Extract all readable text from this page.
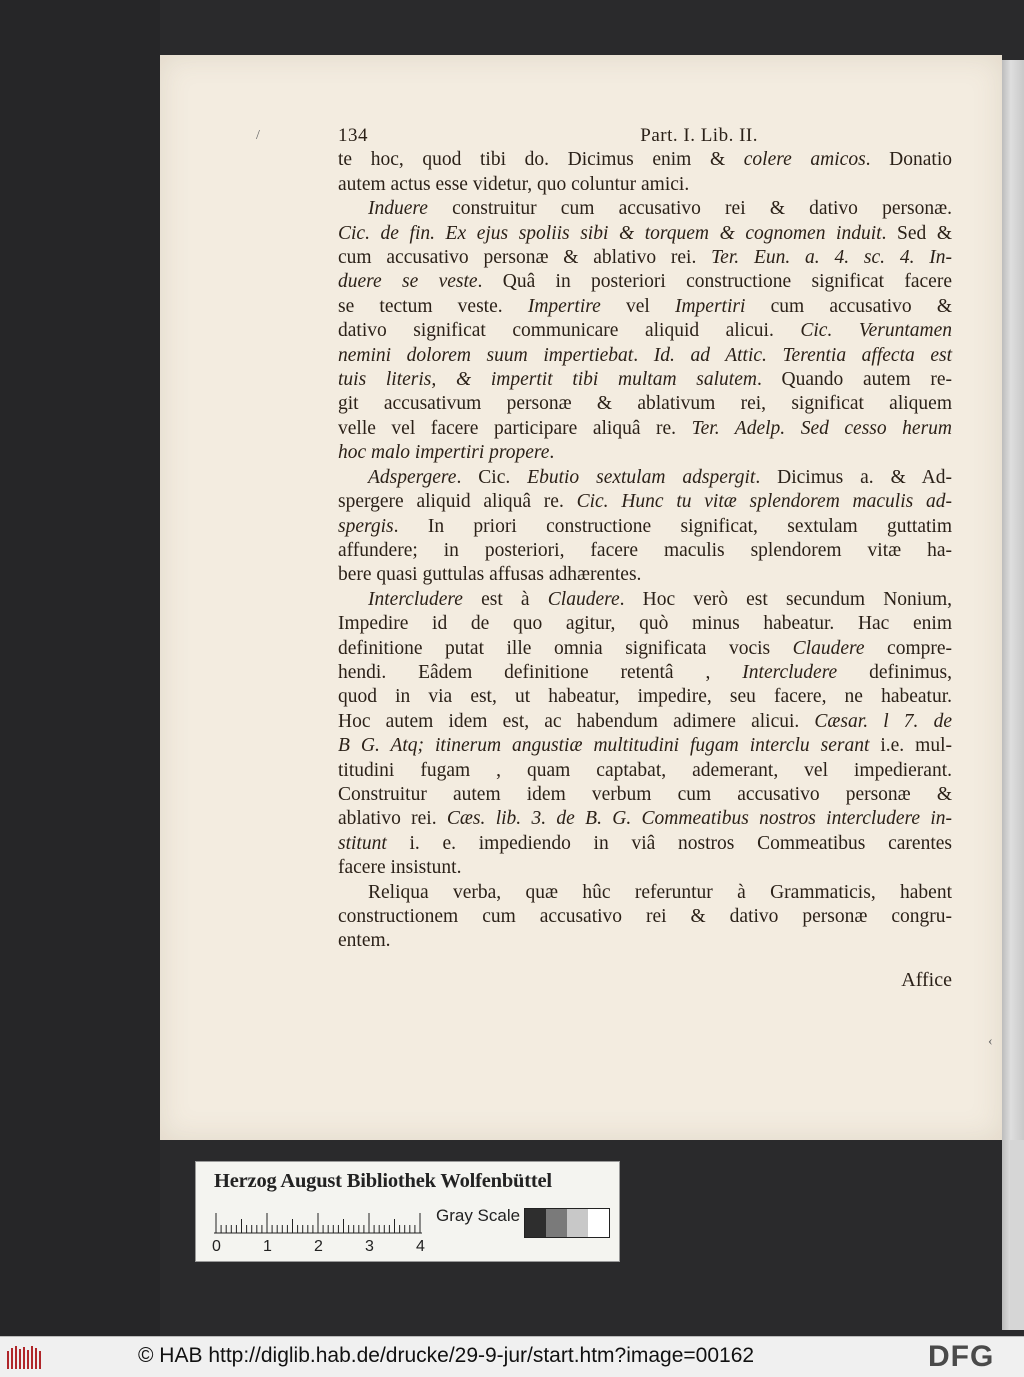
/
‹
134	Part. I. Lib. II.
te hoc, quod tibi do. Dicimus enim & colere amicos. Donatio
autem actus esse videtur, quo coluntur amici.
Induere construitur cum accusativo rei & dativo personæ.
Cic. de fin. Ex ejus spoliis sibi & torquem & cognomen induit. Sed &
cum accusativo personæ & ablativo rei. Ter. Eun. a. 4. sc. 4. In-
duere se veste. Quâ in posteriori constructione significat facere
se tectum veste. Impertire vel Impertiri cum accusativo &
dativo significat communicare aliquid alicui. Cic. Veruntamen
nemini dolorem suum impertiebat. Id. ad Attic. Terentia affecta est
tuis literis, & impertit tibi multam salutem. Quando autem re-
git accusativum personæ & ablativum rei, significat aliquem
velle vel facere participare aliquâ re. Ter. Adelp. Sed cesso herum
hoc malo impertiri propere.
Adspergere. Cic. Ebutio sextulam adspergit. Dicimus a. & Ad-
spergere aliquid aliquâ re. Cic. Hunc tu vitæ splendorem maculis ad-
spergis. In priori constructione significat, sextulam guttatim
affundere; in posteriori, facere maculis splendorem vitæ ha-
bere quasi guttulas affusas adhærentes.
Intercludere est à Claudere. Hoc verò est secundum Nonium,
Impedire id de quo agitur, quò minus habeatur. Hac enim
definitione putat ille omnia significata vocis Claudere compre-
hendi. Eâdem definitione retentâ , Intercludere definimus,
quod in via est, ut habeatur, impedire, seu facere, ne habeatur.
Hoc autem idem est, ac habendum adimere alicui. Cæsar. l 7. de
B G. Atq; itinerum angustiæ multitudini fugam interclu serant i.e. mul-
titudini fugam , quam captabat, ademerant, vel impedierant.
Construitur autem idem verbum cum accusativo personæ &
ablativo rei. Cæs. lib. 3. de B. G. Commeatibus nostros intercludere in-
stitunt i. e. impediendo in viâ nostros Commeatibus carentes
facere insistunt.
Reliqua verba, quæ hûc referuntur à Grammaticis, habent
constructionem cum accusativo rei & dativo personæ congru-
entem.
Affice
Herzog August Bibliothek Wolfenbüttel
0	1	2	3	4
Gray Scale
© HAB http://diglib.hab.de/drucke/29-9-jur/start.htm?image=00162	DFG
